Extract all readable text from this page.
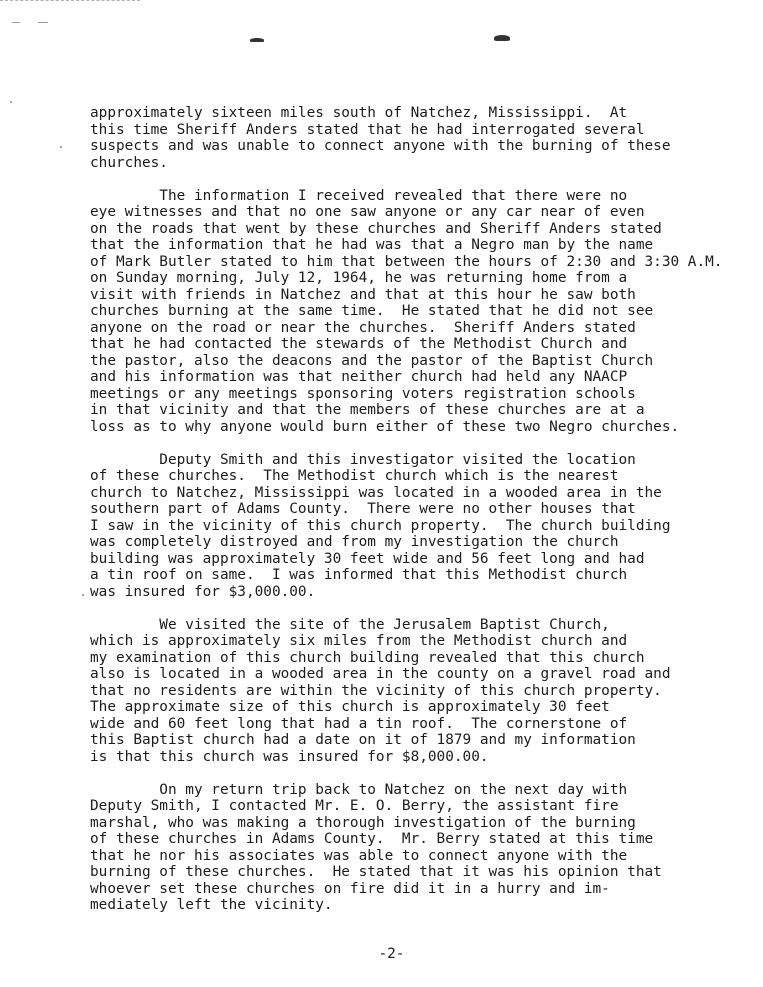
approximately sixteen miles south of Natchez, Mississippi.  At
this time Sheriff Anders stated that he had interrogated several
suspects and was unable to connect anyone with the burning of these
churches.
The information I received revealed that there were no
eye witnesses and that no one saw anyone or any car near of even
on the roads that went by these churches and Sheriff Anders stated
that the information that he had was that a Negro man by the name
of Mark Butler stated to him that between the hours of 2:30 and 3:30 A.M.
on Sunday morning, July 12, 1964, he was returning home from a
visit with friends in Natchez and that at this hour he saw both
churches burning at the same time.  He stated that he did not see
anyone on the road or near the churches.  Sheriff Anders stated
that he had contacted the stewards of the Methodist Church and
the pastor, also the deacons and the pastor of the Baptist Church
and his information was that neither church had held any NAACP
meetings or any meetings sponsoring voters registration schools
in that vicinity and that the members of these churches are at a
loss as to why anyone would burn either of these two Negro churches.
Deputy Smith and this investigator visited the location
of these churches.  The Methodist church which is the nearest
church to Natchez, Mississippi was located in a wooded area in the
southern part of Adams County.  There were no other houses that
I saw in the vicinity of this church property.  The church building
was completely distroyed and from my investigation the church
building was approximately 30 feet wide and 56 feet long and had
a tin roof on same.  I was informed that this Methodist church
was insured for $3,000.00.
We visited the site of the Jerusalem Baptist Church,
which is approximately six miles from the Methodist church and
my examination of this church building revealed that this church
also is located in a wooded area in the county on a gravel road and
that no residents are within the vicinity of this church property.
The approximate size of this church is approximately 30 feet
wide and 60 feet long that had a tin roof.  The cornerstone of
this Baptist church had a date on it of 1879 and my information
is that this church was insured for $8,000.00.
On my return trip back to Natchez on the next day with
Deputy Smith, I contacted Mr. E. O. Berry, the assistant fire
marshal, who was making a thorough investigation of the burning
of these churches in Adams County.  Mr. Berry stated at this time
that he nor his associates was able to connect anyone with the
burning of these churches.  He stated that it was his opinion that
whoever set these churches on fire did it in a hurry and im-
mediately left the vicinity.
-2-
